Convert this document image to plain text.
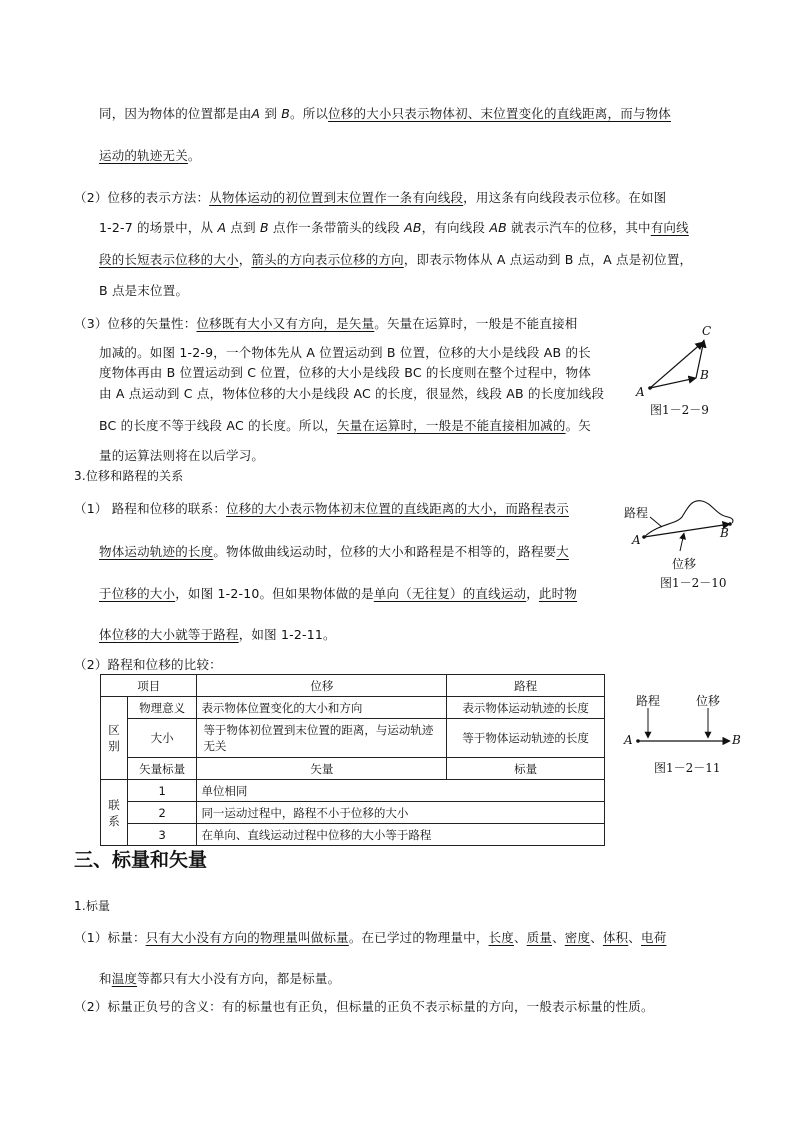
同，因为物体的位置都是由A 到 B。所以位移的大小只表示物体初、末位置变化的直线距离，而与物体
运动的轨迹无关。
（2）位移的表示方法：从物体运动的初位置到末位置作一条有向线段，用这条有向线段表示位移。在如图
1-2-7 的场景中，从 A 点到 B 点作一条带箭头的线段 AB，有向线段 AB 就表示汽车的位移，其中有向线
段的长短表示位移的大小，箭头的方向表示位移的方向，即表示物体从 A 点运动到 B 点，A 点是初位置，
B 点是末位置。
（3）位移的矢量性：位移既有大小又有方向，是矢量。矢量在运算时，一般是不能直接相
加减的。如图 1-2-9，一个物体先从 A 位置运动到 B 位置，位移的大小是线段 AB 的长
度物体再由 B 位置运动到 C 位置，位移的大小是线段 BC 的长度则在整个过程中，物体
由 A 点运动到 C 点，物体位移的大小是线段 AC 的长度，很显然，线段 AB 的长度加线段
BC 的长度不等于线段 AC 的长度。所以，矢量在运算时，一般是不能直接相加减的。矢
量的运算法则将在以后学习。
3.位移和路程的关系
（1） 路程和位移的联系：位移的大小表示物体初末位置的直线距离的大小，而路程表示
物体运动轨迹的长度。物体做曲线运动时，位移的大小和路程是不相等的，路程要大
于位移的大小，如图 1-2-10。但如果物体做的是单向（无往复）的直线运动，此时物
体位移的大小就等于路程，如图 1-2-11。
（2）路程和位移的比较：
项目		位移	路程
区别	物理意义	表示物体位置变化的大小和方向	表示物体运动轨迹的长度
	大小	等于物体初位置到末位置的距离，与运动轨迹无关	等于物体运动轨迹的长度
	矢量标量	矢量	标量
联系	1	单位相同	
	2	同一运动过程中，路程不小于位移的大小	
	3	在单向、直线运动过程中位移的大小等于路程	
三、标量和矢量
1.标量
（1）标量：只有大小没有方向的物理量叫做标量。在已学过的物理量中，长度、质量、密度、体积、电荷
和温度等都只有大小没有方向，都是标量。
（2）标量正负号的含义：有的标量也有正负，但标量的正负不表示标量的方向，一般表示标量的性质。
A
B
C
图1－2－9
路程
A	B
位移
图1－2－10
路程	位移
A	B
图1－2－11
